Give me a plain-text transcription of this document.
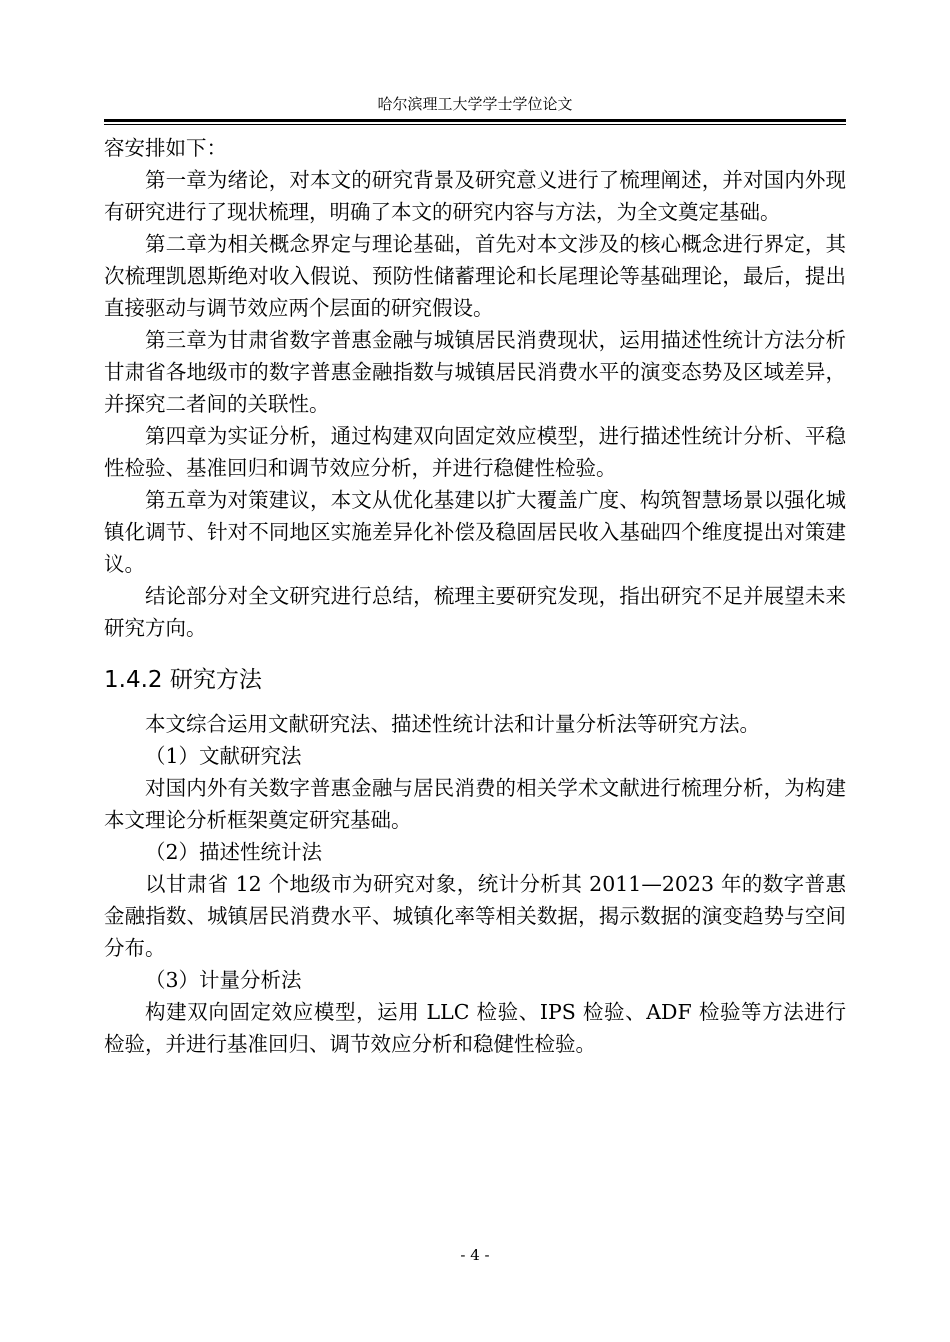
哈尔滨理工大学学士学位论文

容安排如下：

第一章为绪论，对本文的研究背景及研究意义进行了梳理阐述，并对国内外现有研究进行了现状梳理，明确了本文的研究内容与方法，为全文奠定基础。

第二章为相关概念界定与理论基础，首先对本文涉及的核心概念进行界定，其次梳理凯恩斯绝对收入假说、预防性储蓄理论和长尾理论等基础理论，最后，提出直接驱动与调节效应两个层面的研究假设。

第三章为甘肃省数字普惠金融与城镇居民消费现状，运用描述性统计方法分析甘肃省各地级市的数字普惠金融指数与城镇居民消费水平的演变态势及区域差异，并探究二者间的关联性。

第四章为实证分析，通过构建双向固定效应模型，进行描述性统计分析、平稳性检验、基准回归和调节效应分析，并进行稳健性检验。

第五章为对策建议，本文从优化基建以扩大覆盖广度、构筑智慧场景以强化城镇化调节、针对不同地区实施差异化补偿及稳固居民收入基础四个维度提出对策建议。

结论部分对全文研究进行总结，梳理主要研究发现，指出研究不足并展望未来研究方向。

1.4.2 研究方法

本文综合运用文献研究法、描述性统计法和计量分析法等研究方法。

（1）文献研究法

对国内外有关数字普惠金融与居民消费的相关学术文献进行梳理分析，为构建本文理论分析框架奠定研究基础。

（2）描述性统计法

以甘肃省 12 个地级市为研究对象，统计分析其 2011—2023 年的数字普惠金融指数、城镇居民消费水平、城镇化率等相关数据，揭示数据的演变趋势与空间分布。

（3）计量分析法

构建双向固定效应模型，运用 LLC 检验、IPS 检验、ADF 检验等方法进行检验，并进行基准回归、调节效应分析和稳健性检验。

- 4 -
